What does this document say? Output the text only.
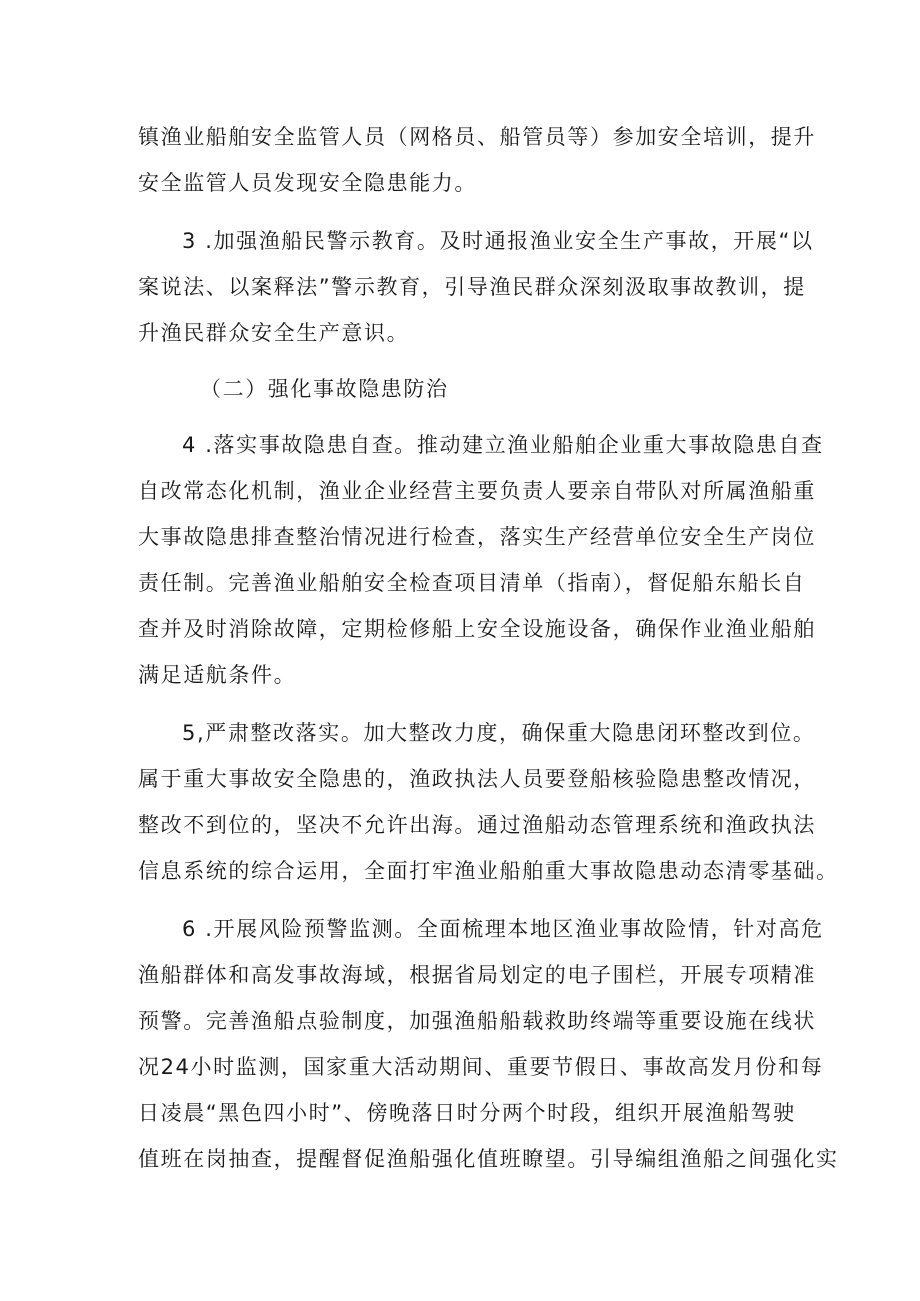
镇渔业船舶安全监管人员（网格员、船管员等）参加安全培训，提升
安全监管人员发现安全隐患能力。
3 .加强渔船民警示教育。及时通报渔业安全生产事故，开展“以
案说法、以案释法”警示教育，引导渔民群众深刻汲取事故教训，提
升渔民群众安全生产意识。
（二）强化事故隐患防治
4 .落实事故隐患自查。推动建立渔业船舶企业重大事故隐患自查
自改常态化机制，渔业企业经营主要负责人要亲自带队对所属渔船重
大事故隐患排查整治情况进行检查，落实生产经营单位安全生产岗位
责任制。完善渔业船舶安全检查项目清单（指南），督促船东船长自
查并及时消除故障，定期检修船上安全设施设备，确保作业渔业船舶
满足适航条件。
5,严肃整改落实。加大整改力度，确保重大隐患闭环整改到位。
属于重大事故安全隐患的，渔政执法人员要登船核验隐患整改情况，
整改不到位的，坚决不允许出海。通过渔船动态管理系统和渔政执法
信息系统的综合运用，全面打牢渔业船舶重大事故隐患动态清零基础。
6 .开展风险预警监测。全面梳理本地区渔业事故险情，针对高危
渔船群体和高发事故海域，根据省局划定的电子围栏，开展专项精准
预警。完善渔船点验制度，加强渔船船载救助终端等重要设施在线状
况24小时监测，国家重大活动期间、重要节假日、事故高发月份和每
日凌晨“黑色四小时”、傍晚落日时分两个时段，组织开展渔船驾驶
值班在岗抽查，提醒督促渔船强化值班瞭望。引导编组渔船之间强化实
